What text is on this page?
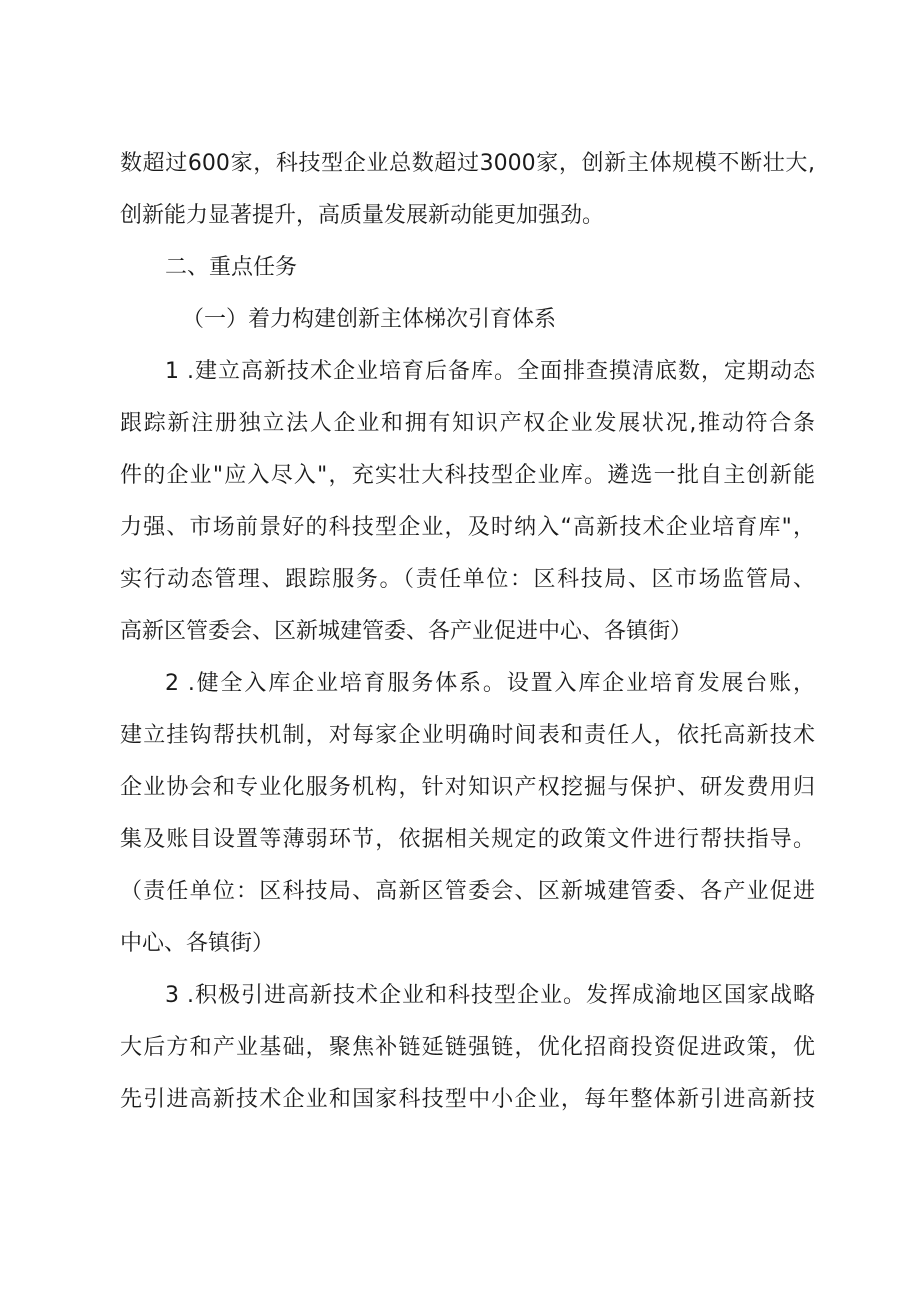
数超过600家，科技型企业总数超过3000家，创新主体规模不断壮大,
创新能力显著提升，高质量发展新动能更加强劲。
二、重点任务
（一）着力构建创新主体梯次引育体系
1 .建立高新技术企业培育后备库。全面排查摸清底数，定期动态
跟踪新注册独立法人企业和拥有知识产权企业发展状况,推动符合条
件的企业"应入尽入"，充实壮大科技型企业库。遴选一批自主创新能
力强、市场前景好的科技型企业，及时纳入“高新技术企业培育库"，
实行动态管理、跟踪服务。（责任单位：区科技局、区市场监管局、
高新区管委会、区新城建管委、各产业促进中心、各镇街）
2 .健全入库企业培育服务体系。设置入库企业培育发展台账，
建立挂钩帮扶机制，对每家企业明确时间表和责任人，依托高新技术
企业协会和专业化服务机构，针对知识产权挖掘与保护、研发费用归
集及账目设置等薄弱环节，依据相关规定的政策文件进行帮扶指导。
（责任单位：区科技局、高新区管委会、区新城建管委、各产业促进
中心、各镇街）
3 .积极引进高新技术企业和科技型企业。发挥成渝地区国家战略
大后方和产业基础，聚焦补链延链强链，优化招商投资促进政策，优
先引进高新技术企业和国家科技型中小企业，每年整体新引进高新技
